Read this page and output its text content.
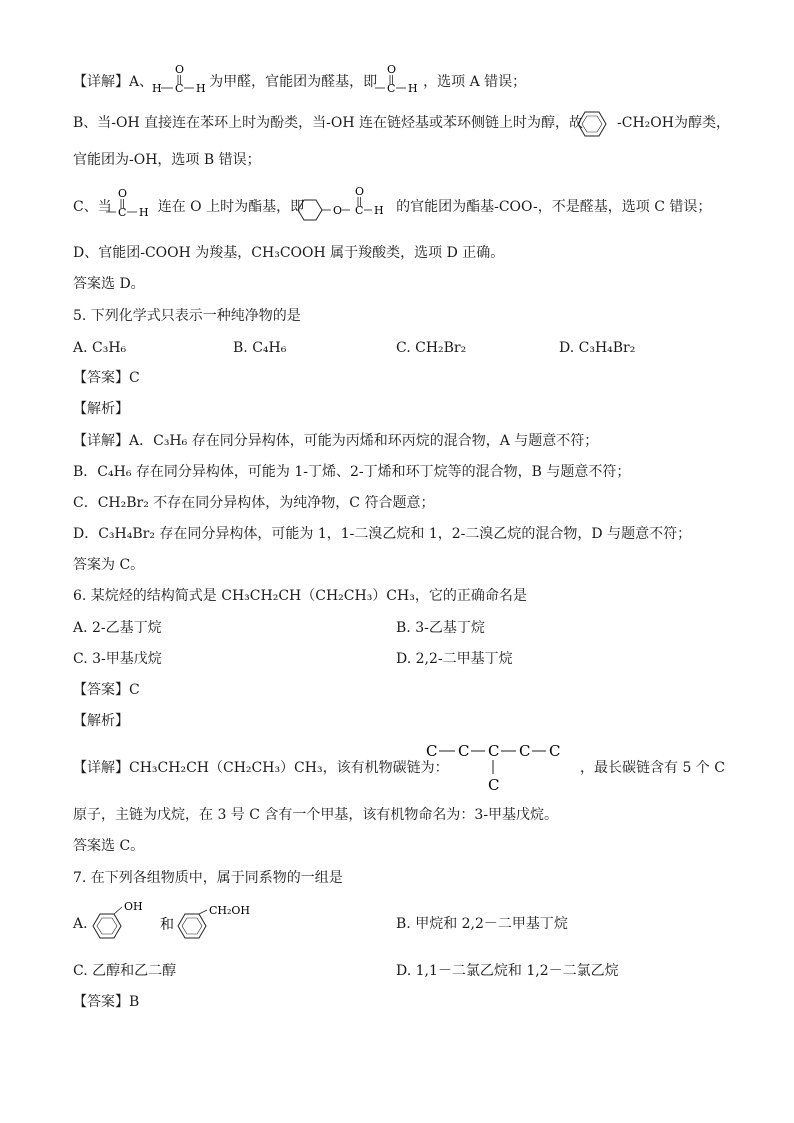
【详解】A、	为甲醛，官能团为醛基，即	，选项 A 错误；
O
H C H
O
C H
B、当-OH 直接连在苯环上时为酚类，当-OH 连在链烃基或苯环侧链上时为醇，故 -CH₂OH为醇类，
官能团为-OH，选项 B 错误；
C、当	连在 O 上时为酯基，即	的官能团为酯基-COO-，不是醛基，选项 C 错误；
O
C H	O
O
C H
D、官能团-COOH 为羧基，CH₃COOH 属于羧酸类，选项 D 正确。
答案选 D。
5. 下列化学式只表示一种纯净物的是
A. C₃H₆	B. C₄H₆	C. CH₂Br₂	D. C₃H₄Br₂
【答案】C
【解析】
【详解】A．C₃H₆ 存在同分异构体，可能为丙烯和环丙烷的混合物，A 与题意不符；
B．C₄H₆ 存在同分异构体，可能为 1-丁烯、2-丁烯和环丁烷等的混合物，B 与题意不符；
C．CH₂Br₂ 不存在同分异构体，为纯净物，C 符合题意；
D．C₃H₄Br₂ 存在同分异构体，可能为 1，1-二溴乙烷和 1，2-二溴乙烷的混合物，D 与题意不符；
答案为 C。
6. 某烷烃的结构简式是 CH₃CH₂CH（CH₂CH₃）CH₃，它的正确命名是
A. 2-乙基丁烷	B. 3-乙基丁烷
C. 3-甲基戊烷	D. 2,2-二甲基丁烷
【答案】C
【解析】
【详解】CH₃CH₂CH（CH₂CH₃）CH₃，该有机物碳链为：
C C C C C
C
，最长碳链含有 5 个 C
原子，主链为戊烷，在 3 号 C 含有一个甲基，该有机物命名为：3-甲基戊烷。
答案选 C。
7. 在下列各组物质中，属于同系物的一组是
A.
OH
和
CH₂OH
B. 甲烷和 2,2－二甲基丁烷
C. 乙醇和乙二醇	D. 1,1－二氯乙烷和 1,2－二氯乙烷
【答案】B
